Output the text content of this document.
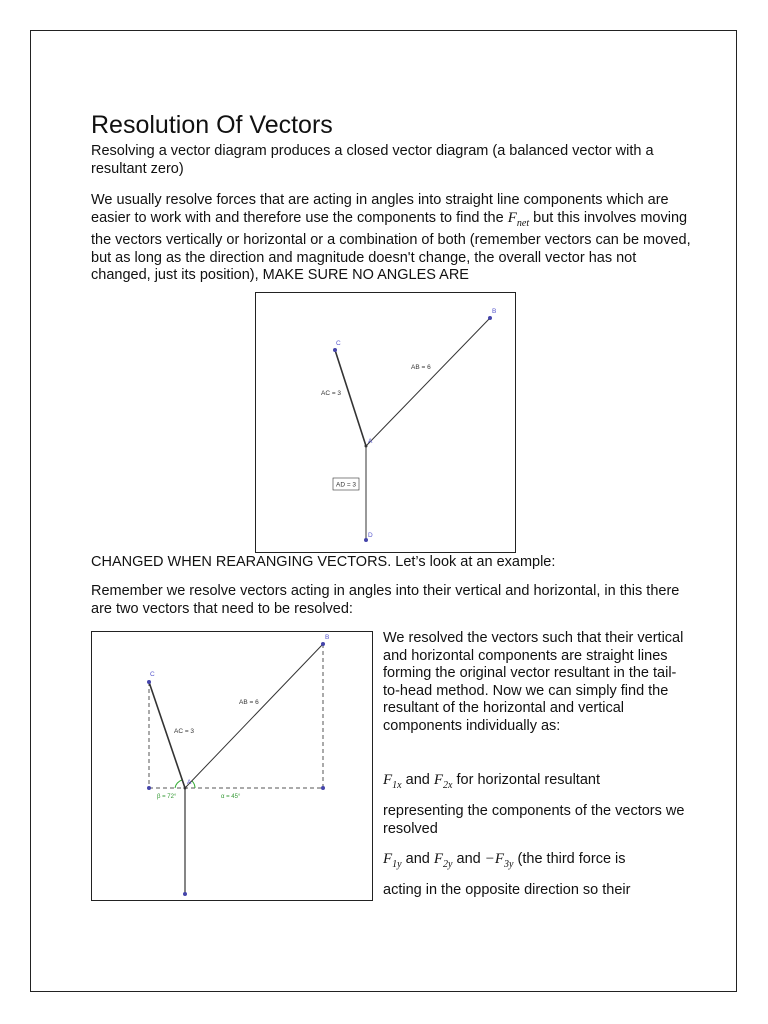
Resolution Of Vectors

Resolving a vector diagram produces a closed vector diagram (a balanced vector with a resultant zero)

We usually resolve forces that are acting in angles into straight line components which are easier to work with and therefore use the components to find the $F_{net}$ but this involves moving the vectors vertically or horizontal or a combination of both (remember vectors can be moved, but as long as the direction and magnitude doesn't change, the overall vector has not changed, just its position), MAKE SURE NO ANGLES ARE

B
C
A
D
AB = 6
AC = 3
AD = 3

CHANGED WHEN REARANGING VECTORS. Let’s look at an example:

Remember we resolve vectors acting in angles into their vertical and horizontal, in this there are two vectors that need to be resolved:

B
C
A
AB = 6
AC = 3
β = 72°	α = 45°

We resolved the vectors such that their vertical and horizontal components are straight lines forming the original vector resultant in the tail-to-head method. Now we can simply find the resultant of the horizontal and vertical components individually as:

$F_{1x}$ and $F_{2x}$ for horizontal resultant

representing the components of the vectors we resolved

$F_{1y}$ and $F_{2y}$ and $-F_{3y}$ (the third force is

acting in the opposite direction so their
